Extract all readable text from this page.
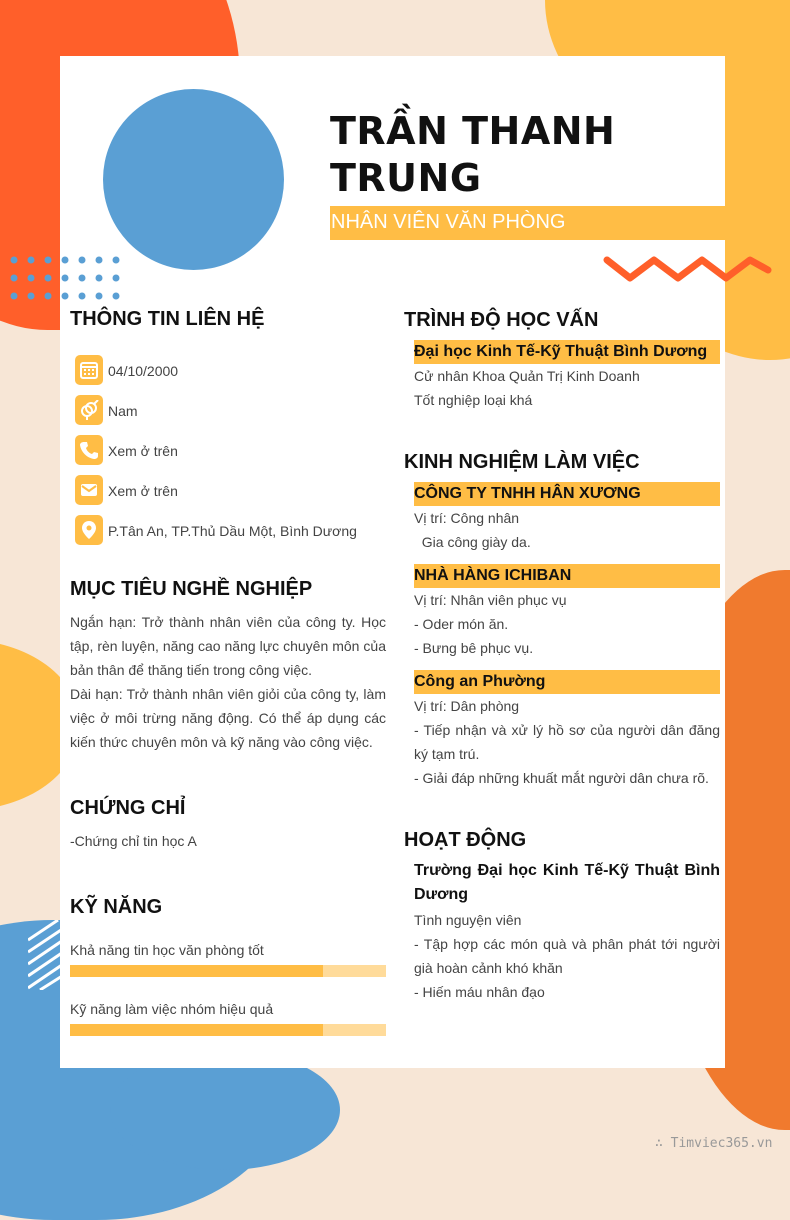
TRẦN THANH
TRUNG
NHÂN VIÊN VĂN PHÒNG
THÔNG TIN LIÊN HỆ
04/10/2000
Nam
Xem ở trên
Xem ở trên
P.Tân An, TP.Thủ Dầu Một, Bình Dương
MỤC TIÊU NGHỀ NGHIỆP
Ngắn hạn: Trở thành nhân viên của công ty. Học tập, rèn luyện, năng cao năng lực chuyên môn của bản thân để thăng tiến trong công việc.
Dài hạn: Trở thành nhân viên giỏi của công ty, làm việc ở môi trừng năng động. Có thể áp dụng các kiến thức chuyên môn và kỹ năng vào công việc.
CHỨNG CHỈ
-Chứng chỉ tin học A
KỸ NĂNG
Khả năng tin học văn phòng tốt
Kỹ năng làm việc nhóm hiệu quả
TRÌNH ĐỘ HỌC VẤN
Đại học Kinh Tế-Kỹ Thuật Bình Dương
Cử nhân Khoa Quản Trị Kinh Doanh
Tốt nghiệp loại khá
KINH NGHIỆM LÀM VIỆC
CÔNG TY TNHH HÂN XƯƠNG
Vị trí: Công nhân
Gia công giày da.
NHÀ HÀNG ICHIBAN
Vị trí: Nhân viên phục vụ
- Oder món ăn.
- Bưng bê phục vụ.
Công an Phường
Vị trí: Dân phòng
- Tiếp nhận và xử lý hồ sơ của người dân đăng ký tạm trú.
- Giải đáp những khuất mắt người dân chưa rõ.
HOẠT ĐỘNG
Trường Đại học Kinh Tế-Kỹ Thuật Bình Dương
Tình nguyện viên
- Tập hợp các món quà và phân phát tới người già hoàn cảnh khó khăn
- Hiến máu nhân đạo
∴ Timviec365.vn
